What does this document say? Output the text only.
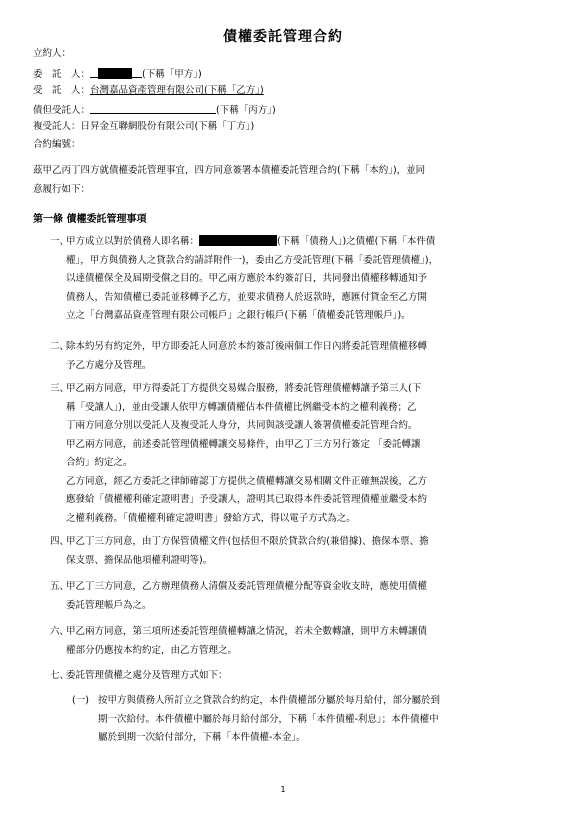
債權委託管理合約
立約人：
委　託　人：	(下稱「甲方」)
受　託　人：台灣嘉品資產管理有限公司(下稱「乙方」)
債但受託人：	(下稱「丙方」)
複受託人：日昇金互聯網股份有限公司(下稱「丁方」)
合約編號：
茲甲乙丙丁四方就債權委託管理事宜，四方同意簽署本債權委託管理合約(下稱「本約」)，並同
意履行如下：
第一條 債權委託管理事項
一、
甲方成立以對於債務人即名稱：	(下稱「債務人」)之債權(下稱「本件債
權」，甲方與債務人之貸款合約請詳附件一)，委由乙方受託管理(下稱「委託管理債權」)，
以達債權保全及屆期受償之目的。甲乙兩方應於本約簽訂日，共同發出債權移轉通知予
債務人，告知債權已委託並移轉予乙方，並要求債務人於返款時，應匯付貸金至乙方開
立之「台灣嘉品資產管理有限公司帳戶」之銀行帳戶(下稱「債權委託管理帳戶」)。
二、
除本約另有約定外，甲方即委託人同意於本約簽訂後兩個工作日內將委託管理債權移轉
予乙方處分及管理。
三、
甲乙兩方同意，甲方得委託丁方提供交易媒合服務，將委託管理債權轉讓予第三人(下
稱「受讓人」)，並由受讓人依甲方轉讓債權佔本件債權比例繼受本約之權利義務；乙
丁兩方同意分別以受託人及複受託人身分，共同與該受讓人簽署債權委託管理合約。
甲乙兩方同意，前述委託管理債權轉讓交易條件，由甲乙丁三方另行簽定 「委託轉讓
合約」約定之。
乙方同意，經乙方委託之律師確認丁方提供之債權轉讓交易相關文件正確無誤後，乙方
應發給「債權權利確定證明書」予受讓人，證明其已取得本件委託管理債權並繼受本約
之權利義務。「債權權利確定證明書」發給方式，得以電子方式為之。
四、
甲乙丁三方同意，由丁方保管債權文件(包括但不限於貸款合約(兼借據)、擔保本票、擔
保支票、擔保品他項權利證明等)。
五、
甲乙丁三方同意，乙方辦理債務人清償及委託管理債權分配等資金收支時，應使用債權
委託管理帳戶為之。
六、
甲乙兩方同意，第三項所述委託管理債權轉讓之情況，若未全數轉讓，則甲方未轉讓債
權部分仍應按本約約定，由乙方管理之。
七、
委託管理債權之處分及管理方式如下：
(一) 按甲方與債務人所訂立之貸款合約約定，本件債權部分屬於每月給付，部分屬於到
期一次給付。本件債權中屬於每月給付部分，下稱「本件債權-利息」；本件債權中
屬於到期一次給付部分，下稱「本件債權-本金」。
1
